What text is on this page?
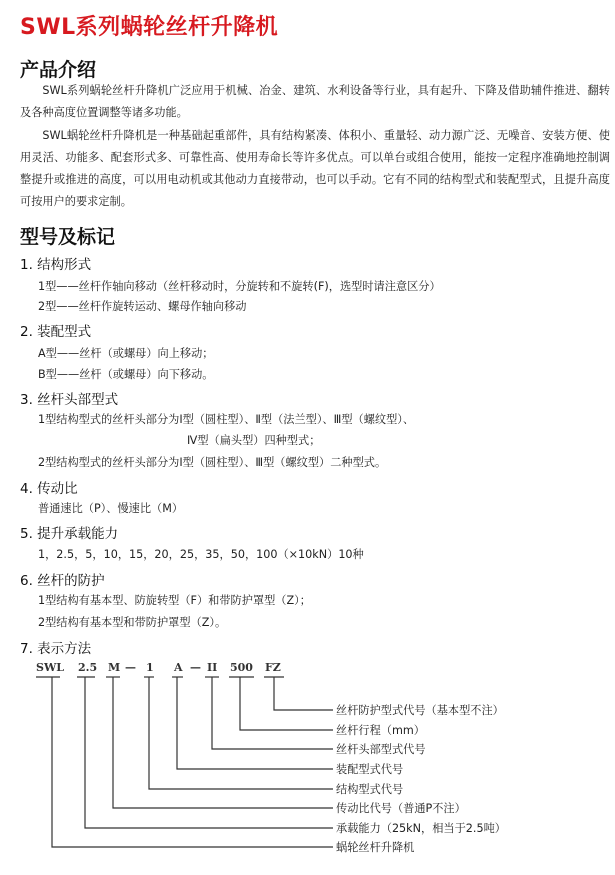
SWL系列蜗轮丝杆升降机
产品介绍
SWL系列蜗轮丝杆升降机广泛应用于机械、冶金、建筑、水利设备等行业，具有起升、下降及借助辅件推进、翻转及各种高度位置调整等诸多功能。
SWL蜗轮丝杆升降机是一种基础起重部件，具有结构紧凑、体积小、重量轻、动力源广泛、无噪音、安装方便、使用灵活、功能多、配套形式多、可靠性高、使用寿命长等许多优点。可以单台或组合使用，能按一定程序准确地控制调整提升或推进的高度，可以用电动机或其他动力直接带动，也可以手动。它有不同的结构型式和装配型式，且提升高度可按用户的要求定制。
型号及标记
1. 结构形式
1型——丝杆作轴向移动（丝杆移动时，分旋转和不旋转(F)，选型时请注意区分）
2型——丝杆作旋转运动、螺母作轴向移动
2. 装配型式
A型——丝杆（或螺母）向上移动；
B型——丝杆（或螺母）向下移动。
3. 丝杆头部型式
1型结构型式的丝杆头部分为Ⅰ型（圆柱型）、Ⅱ型（法兰型）、Ⅲ型（螺纹型）、
Ⅳ型（扁头型）四种型式；
2型结构型式的丝杆头部分为Ⅰ型（圆柱型）、Ⅲ型（螺纹型）二种型式。
4. 传动比
普通速比（P）、慢速比（M）
5. 提升承载能力
1，2.5，5，10，15，20，25，35，50，100（×10kN）10种
6. 丝杆的防护
1型结构有基本型、防旋转型（F）和带防护罩型（Z）；
2型结构有基本型和带防护罩型（Z）。
7. 表示方法
SWL 2.5 M — 1 A — II 500 FZ
丝杆防护型式代号（基本型不注）
丝杆行程（mm）
丝杆头部型式代号
装配型式代号
结构型式代号
传动比代号（普通P不注）
承载能力（25kN，相当于2.5吨）
蜗轮丝杆升降机
